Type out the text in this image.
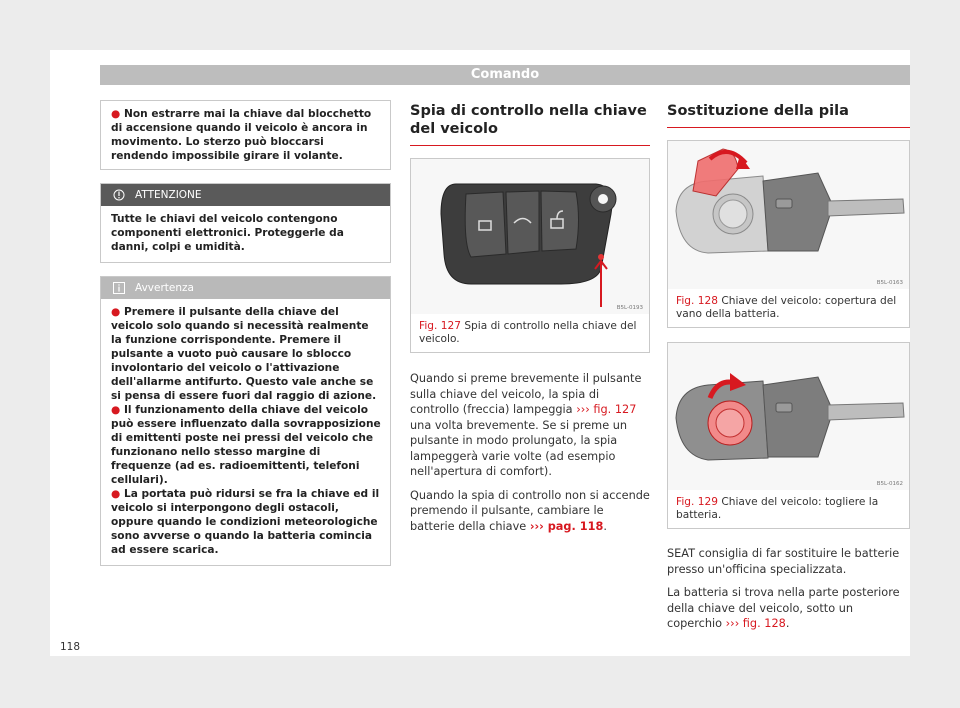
Comando
● Non estrarre mai la chiave dal blocchetto di accensione quando il veicolo è ancora in movimento. Lo sterzo può bloccarsi rendendo impossibile girare il volante.
ATTENZIONE
Tutte le chiavi del veicolo contengono componenti elettronici. Proteggerle da danni, colpi e umidità.
Avvertenza
● Premere il pulsante della chiave del veicolo solo quando si necessità realmente la funzione corrispondente. Premere il pulsante a vuoto può causare lo sblocco involontario del veicolo o l'attivazione dell'allarme antifurto. Questo vale anche se si pensa di essere fuori dal raggio di azione.
● Il funzionamento della chiave del veicolo può essere influenzato dalla sovrapposizione di emittenti poste nei pressi del veicolo che funzionano nello stesso margine di frequenze (ad es. radioemittenti, telefoni cellulari).
● La portata può ridursi se fra la chiave ed il veicolo si interpongono degli ostacoli, oppure quando le condizioni meteorologiche sono avverse o quando la batteria comincia ad essere scarica.
Spia di controllo nella chiave del veicolo
B5L-0193
Fig. 127 Spia di controllo nella chiave del veicolo.

Quando si preme brevemente il pulsante sulla chiave del veicolo, la spia di controllo (freccia) lampeggia ››› fig. 127 una volta brevemente. Se si preme un pulsante in modo prolungato, la spia lampeggerà varie volte (ad esempio nell'apertura di comfort).

Quando la spia di controllo non si accende premendo il pulsante, cambiare le batterie della chiave ››› pag. 118.

Sostituzione della pila
B5L-0163
Fig. 128 Chiave del veicolo: copertura del vano della batteria.
B5L-0162
Fig. 129 Chiave del veicolo: togliere la batteria.

SEAT consiglia di far sostituire le batterie presso un'officina specializzata.

La batteria si trova nella parte posteriore della chiave del veicolo, sotto un coperchio ››› fig. 128.

118
